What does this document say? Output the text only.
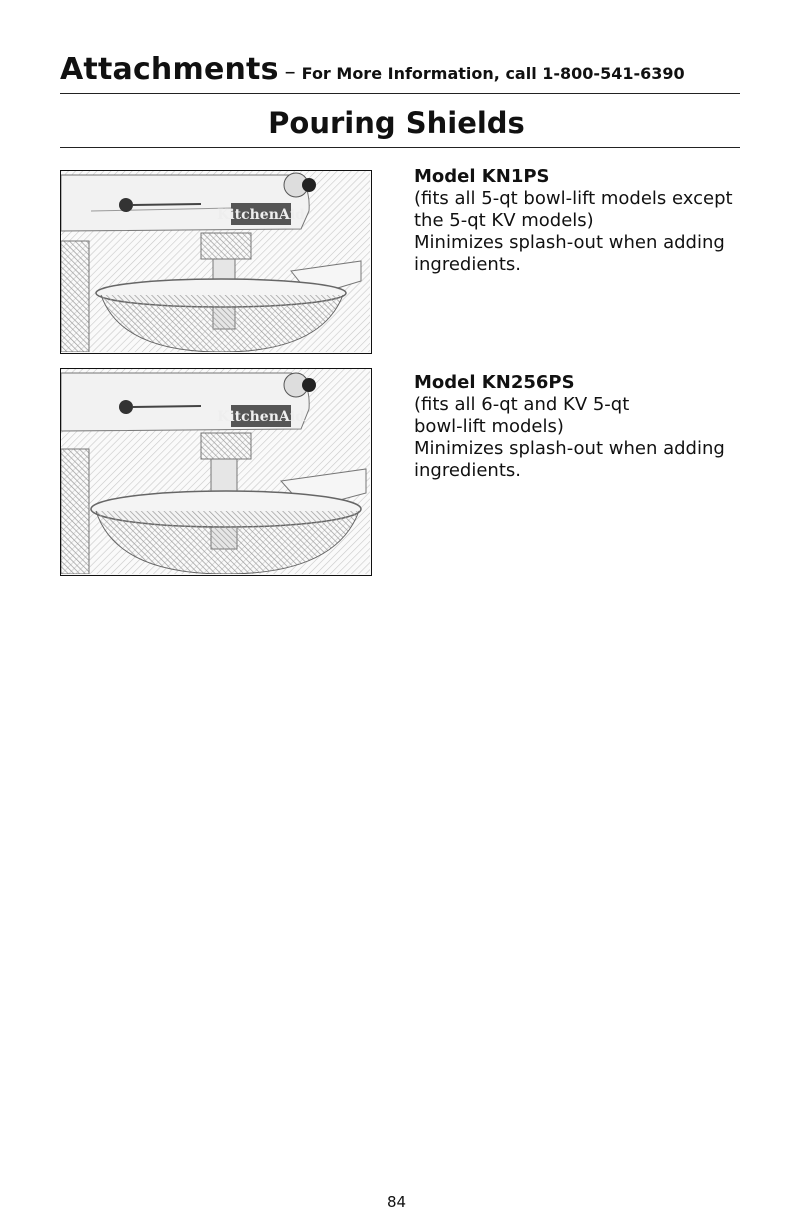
Attachments – For More Information, call 1-800-541-6390
Pouring Shields
KitchenAid
Model KN1PS
(fits all 5-qt bowl-lift models except
the 5-qt KV models)
Minimizes splash-out when adding
ingredients.
KitchenAid
Model KN256PS
(fits all 6-qt and KV 5-qt
bowl-lift models)
Minimizes splash-out when adding
ingredients.
84
